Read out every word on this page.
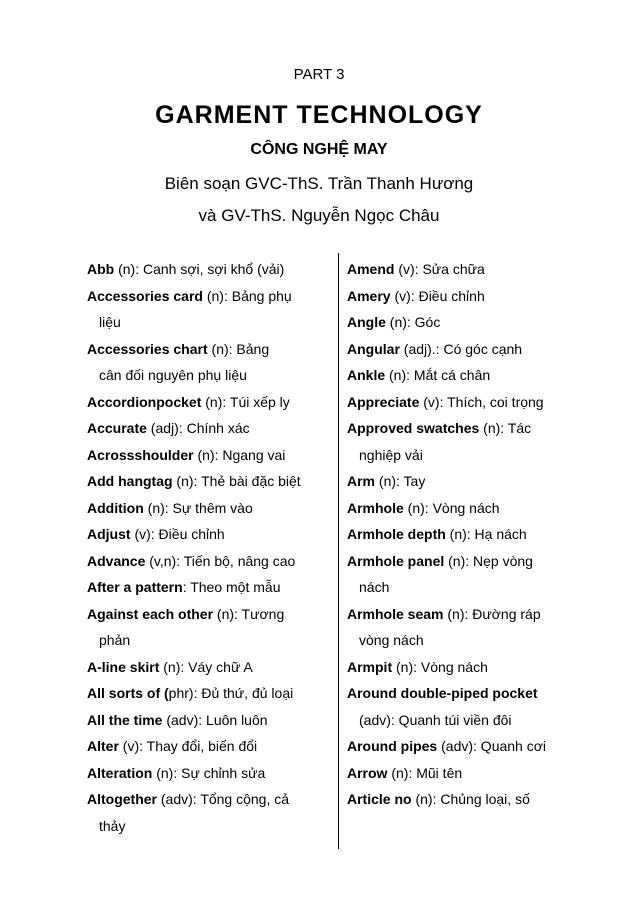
PART 3
GARMENT TECHNOLOGY
CÔNG NGHỆ MAY
Biên soạn GVC-ThS. Trần Thanh Hương
và GV-ThS. Nguyễn Ngọc Châu
Abb (n): Canh sợi, sợi khổ (vải)
Accessories card (n): Bảng phụ
liệu
Accessories chart (n): Bảng
cân đối nguyên phụ liệu
Accordionpocket (n): Túi xếp ly
Accurate (adj): Chính xác
Acrossshoulder (n): Ngang vai
Add hangtag (n): Thẻ bài đặc biệt
Addition (n): Sự thêm vào
Adjust (v): Điều chỉnh
Advance (v,n): Tiến bộ, nâng cao
After a pattern: Theo một mẫu
Against each other (n): Tương
phản
A-line skirt (n): Váy chữ A
All sorts of (phr): Đủ thứ, đủ loại
All the time (adv): Luôn luôn
Alter (v): Thay đổi, biến đổi
Alteration (n): Sự chỉnh sửa
Altogether (adv): Tổng cộng, cả
thảy
Amend (v): Sửa chữa
Amery (v): Điều chỉnh
Angle (n): Góc
Angular (adj).: Có góc cạnh
Ankle (n): Mắt cá chân
Appreciate (v): Thích, coi trọng
Approved swatches (n): Tác
nghiệp vải
Arm (n): Tay
Armhole (n): Vòng nách
Armhole depth (n): Hạ nách
Armhole panel (n): Nẹp vòng
nách
Armhole seam (n): Đường ráp
vòng nách
Armpit (n): Vòng nách
Around double-piped pocket
(adv): Quanh túi viền đôi
Around pipes (adv): Quanh cơi
Arrow (n): Mũi tên
Article no (n): Chủng loại, số
